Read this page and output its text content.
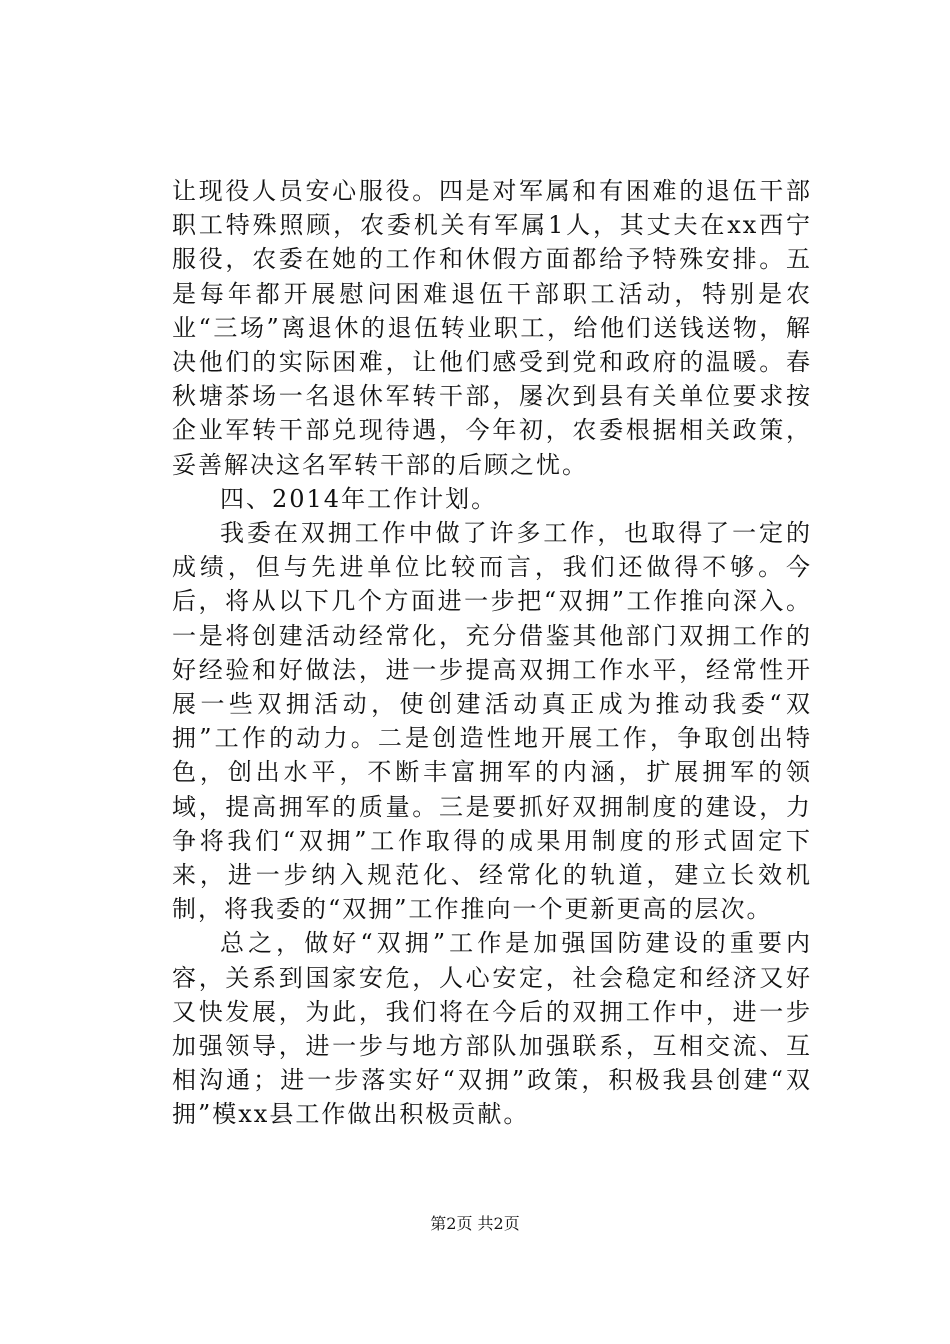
让现役人员安心服役。四是对军属和有困难的退伍干部职工特殊照顾，农委机关有军属1人，其丈夫在xx西宁服役，农委在她的工作和休假方面都给予特殊安排。五是每年都开展慰问困难退伍干部职工活动，特别是农业“三场”离退休的退伍转业职工，给他们送钱送物，解决他们的实际困难，让他们感受到党和政府的温暖。春秋塘茶场一名退休军转干部，屡次到县有关单位要求按企业军转干部兑现待遇，今年初，农委根据相关政策，妥善解决这名军转干部的后顾之忧。

四、2014年工作计划。

我委在双拥工作中做了许多工作，也取得了一定的成绩，但与先进单位比较而言，我们还做得不够。今后，将从以下几个方面进一步把“双拥”工作推向深入。一是将创建活动经常化，充分借鉴其他部门双拥工作的好经验和好做法，进一步提高双拥工作水平，经常性开展一些双拥活动，使创建活动真正成为推动我委“双拥”工作的动力。二是创造性地开展工作，争取创出特色，创出水平，不断丰富拥军的内涵，扩展拥军的领域，提高拥军的质量。三是要抓好双拥制度的建设，力争将我们“双拥”工作取得的成果用制度的形式固定下来，进一步纳入规范化、经常化的轨道，建立长效机制，将我委的“双拥”工作推向一个更新更高的层次。

总之，做好“双拥”工作是加强国防建设的重要内容，关系到国家安危，人心安定，社会稳定和经济又好又快发展，为此，我们将在今后的双拥工作中，进一步加强领导，进一步与地方部队加强联系，互相交流、互相沟通；进一步落实好“双拥”政策，积极我县创建“双拥”模xx县工作做出积极贡献。

第2页 共2页
